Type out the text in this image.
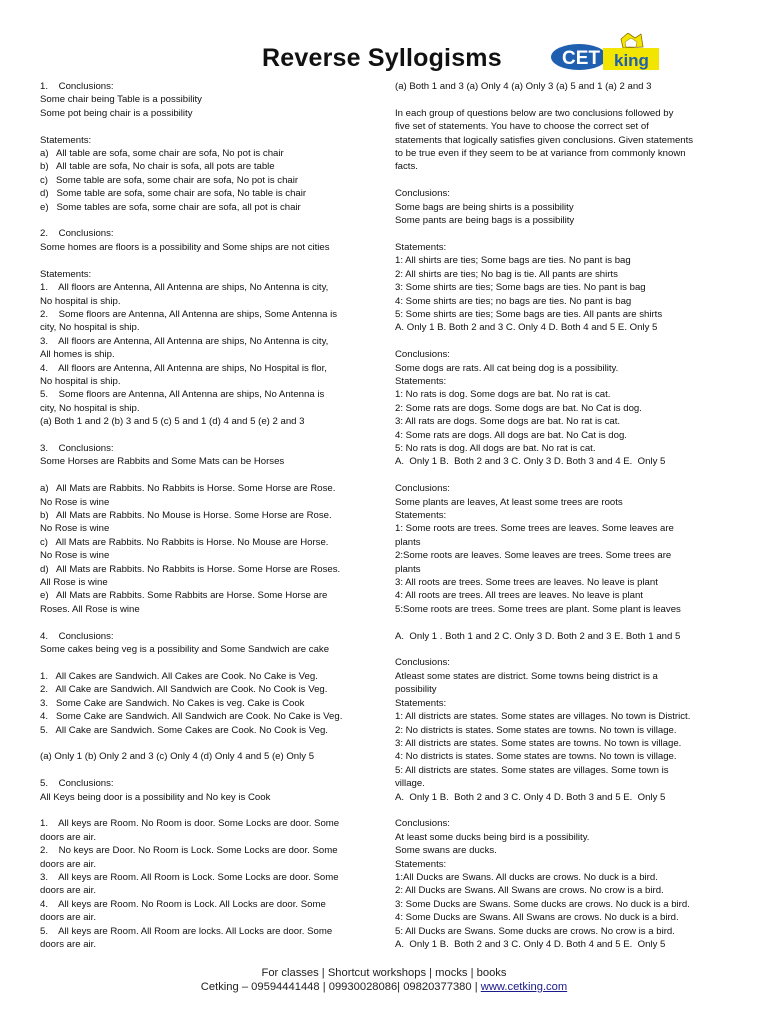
Reverse Syllogisms	CET king
1.    Conclusions:
Some chair being Table is a possibility
Some pot being chair is a possibility
Statements:
a)   All table are sofa, some chair are sofa, No pot is chair
b)   All table are sofa, No chair is sofa, all pots are table
c)   Some table are sofa, some chair are sofa, No pot is chair
d)   Some table are sofa, some chair are sofa, No table is chair
e)   Some tables are sofa, some chair are sofa, all pot is chair
2.    Conclusions:
Some homes are floors is a possibility and Some ships are not cities
Statements:
1.    All floors are Antenna, All Antenna are ships, No Antenna is city,
No hospital is ship.
2.    Some floors are Antenna, All Antenna are ships, Some Antenna is
city, No hospital is ship.
3.    All floors are Antenna, All Antenna are ships, No Antenna is city,
All homes is ship.
4.    All floors are Antenna, All Antenna are ships, No Hospital is flor,
No hospital is ship.
5.    Some floors are Antenna, All Antenna are ships, No Antenna is
city, No hospital is ship.
(a) Both 1 and 2 (b) 3 and 5 (c) 5 and 1 (d) 4 and 5 (e) 2 and 3
3.    Conclusions:
Some Horses are Rabbits and Some Mats can be Horses
a)   All Mats are Rabbits. No Rabbits is Horse. Some Horse are Rose.
No Rose is wine
b)   All Mats are Rabbits. No Mouse is Horse. Some Horse are Rose.
No Rose is wine
c)   All Mats are Rabbits. No Rabbits is Horse. No Mouse are Horse.
No Rose is wine
d)   All Mats are Rabbits. No Rabbits is Horse. Some Horse are Roses.
All Rose is wine
e)   All Mats are Rabbits. Some Rabbits are Horse. Some Horse are
Roses. All Rose is wine
4.    Conclusions:
Some cakes being veg is a possibility and Some Sandwich are cake
1.   All Cakes are Sandwich. All Cakes are Cook. No Cake is Veg.
2.   All Cake are Sandwich. All Sandwich are Cook. No Cook is Veg.
3.   Some Cake are Sandwich. No Cakes is veg. Cake is Cook
4.   Some Cake are Sandwich. All Sandwich are Cook. No Cake is Veg.
5.   All Cake are Sandwich. Some Cakes are Cook. No Cook is Veg.
(a) Only 1 (b) Only 2 and 3 (c) Only 4 (d) Only 4 and 5 (e) Only 5
5.    Conclusions:
All Keys being door is a possibility and No key is Cook
1.    All keys are Room. No Room is door. Some Locks are door. Some
doors are air.
2.    No keys are Door. No Room is Lock. Some Locks are door. Some
doors are air.
3.    All keys are Room. All Room is Lock. Some Locks are door. Some
doors are air.
4.    All keys are Room. No Room is Lock. All Locks are door. Some
doors are air.
5.    All keys are Room. All Room are locks. All Locks are door. Some
doors are air.
(a) Both 1 and 3 (a) Only 4 (a) Only 3 (a) 5 and 1 (a) 2 and 3
In each group of questions below are two conclusions followed by
five set of statements. You have to choose the correct set of
statements that logically satisfies given conclusions. Given statements
to be true even if they seem to be at variance from commonly known
facts.
Conclusions:
Some bags are being shirts is a possibility
Some pants are being bags is a possibility
Statements:
1: All shirts are ties; Some bags are ties. No pant is bag
2: All shirts are ties; No bag is tie. All pants are shirts
3: Some shirts are ties; Some bags are ties. No pant is bag
4: Some shirts are ties; no bags are ties. No pant is bag
5: Some shirts are ties; Some bags are ties. All pants are shirts
A. Only 1 B. Both 2 and 3 C. Only 4 D. Both 4 and 5 E. Only 5
Conclusions:
Some dogs are rats. All cat being dog is a possibility.
Statements:
1: No rats is dog. Some dogs are bat. No rat is cat.
2: Some rats are dogs. Some dogs are bat. No Cat is dog.
3: All rats are dogs. Some dogs are bat. No rat is cat.
4: Some rats are dogs. All dogs are bat. No Cat is dog.
5: No rats is dog. All dogs are bat. No rat is cat.
A.  Only 1 B.  Both 2 and 3 C. Only 3 D. Both 3 and 4 E.  Only 5
Conclusions:
Some plants are leaves, At least some trees are roots
Statements:
1: Some roots are trees. Some trees are leaves. Some leaves are
plants
2:Some roots are leaves. Some leaves are trees. Some trees are
plants
3: All roots are trees. Some trees are leaves. No leave is plant
4: All roots are trees. All trees are leaves. No leave is plant
5:Some roots are trees. Some trees are plant. Some plant is leaves
A.  Only 1 . Both 1 and 2 C. Only 3 D. Both 2 and 3 E. Both 1 and 5
Conclusions:
Atleast some states are district. Some towns being district is a
possibility
Statements:
1: All districts are states. Some states are villages. No town is District.
2: No districts is states. Some states are towns. No town is village.
3: All districts are states. Some states are towns. No town is village.
4: No districts is states. Some states are towns. No town is village.
5: All districts are states. Some states are villages. Some town is
village.
A.  Only 1 B.  Both 2 and 3 C. Only 4 D. Both 3 and 5 E.  Only 5
Conclusions:
At least some ducks being bird is a possibility.
Some swans are ducks.
Statements:
1:All Ducks are Swans. All ducks are crows. No duck is a bird.
2: All Ducks are Swans. All Swans are crows. No crow is a bird.
3: Some Ducks are Swans. Some ducks are crows. No duck is a bird.
4: Some Ducks are Swans. All Swans are crows. No duck is a bird.
5: All Ducks are Swans. Some ducks are crows. No crow is a bird.
A.  Only 1 B.  Both 2 and 3 C. Only 4 D. Both 4 and 5 E.  Only 5
For classes | Shortcut workshops | mocks | books
Cetking – 09594441448 | 09930028086| 09820377380 | www.cetking.com
